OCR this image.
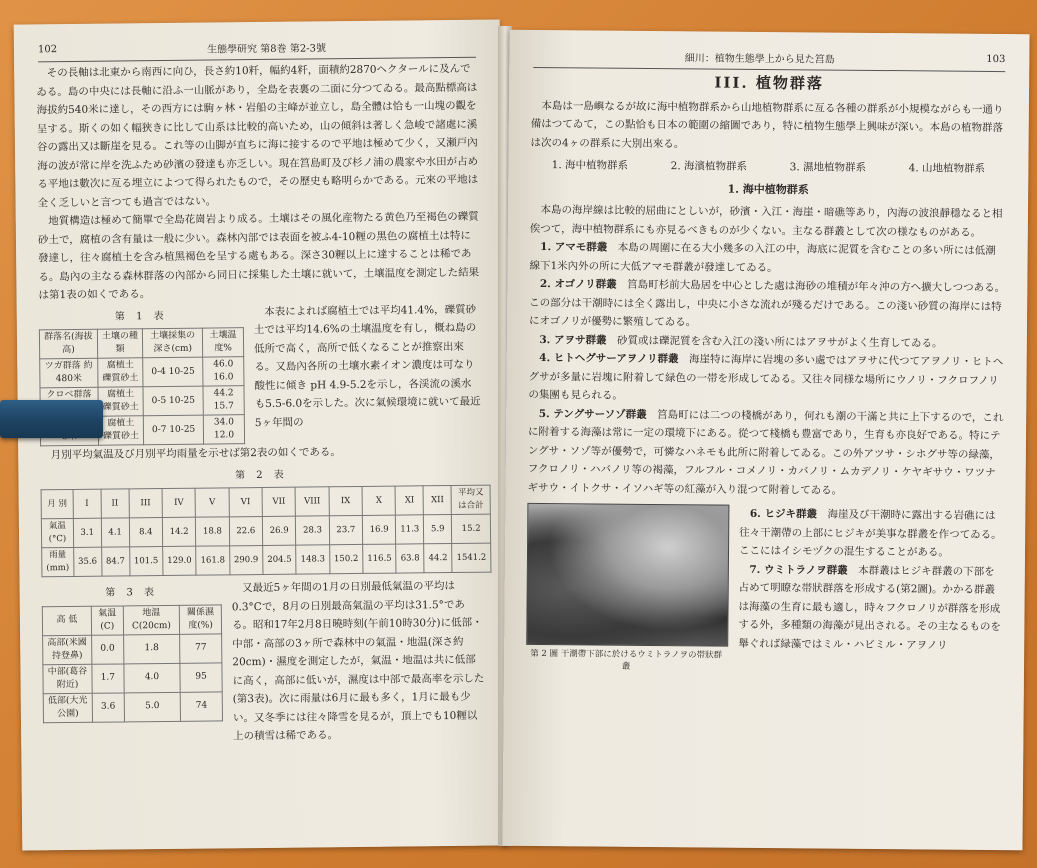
102	生態學研究 第8巻 第2-3號

その長軸は北東から南西に向ひ，長さ約10粁，幅約4粁，面積約2870ヘクタールに及んでゐる。島の中央には長軸に沿ふ一山脈があり，全島を表裏の二面に分つてゐる。最高點標高は海拔約540米に達し，その西方には駒ヶ林・岩船の主峰が並立し，島全體は恰も一山塊の觀を呈する。斯くの如く幅狹きに比して山系は比較的高いため，山の傾斜は著しく急峻で諸處に溪谷の露出又は斷崖を見る。これ等の山脚が直ちに海に接するので平地は極めて少く，又瀬戸內海の波が常に岸を洗ふため砂濱の發達も亦乏しい。現在筥島町及び杉ノ浦の農家や水田が占める平地は數次に亙る埋立によつて得られたもので，その歷史も略明らかである。元來の平地は全く乏しいと言つても過言ではない。

地質構造は極めて簡單で全島花崗岩より成る。土壤はその風化産物たる黄色乃至褐色の礫質砂土で，腐植の含有量は一般に少い。森林內部では表面を被ふ4-10糎の黑色の腐植土は特に發達し，往々腐植土を含み植黑褐色を呈する處もある。深さ30糎以上に達することは稀である。島內の主なる森林群落の內部から同日に採集した土壤に就いて，土壤温度を測定した結果は第1表の如くである。

第 1 表
群落名(海拔高)	土壤の種類	土壤採集の深さ(cm)	土壤温度%
ツガ群落 約480米	腐植土 礫質砂土	0-4 10-25	46.0 16.0
クロベ群落	腐植土 礫質砂土	0-5 10-25	44.2 15.7
	腐植土 礫質砂土	0-7 10-25	34.0 12.0

本表によれば腐植土では平均41.4%，礫質砂土では平均14.6%の土壤温度を有し，概ね島の低所で高く，高所で低くなることが推察出來る。又島內各所の土壤水素イオン濃度は可なり酸性に傾き pH 4.9-5.2を示し，各渓流の溪水も5.5-6.0を示した。次に氣候環境に就いて最近5ヶ年間の

月別平均氣温及び月別平均雨量を示せば第2表の如くである。

第 2 表
月 別	I	II	III	IV	V	VI	VII	VIII	IX	X	XI	XII	平均又は合計
氣温(°C)	3.1	4.1	8.4	14.2	18.8	22.6	26.9	28.3	23.7	16.9	11.3	5.9	15.2
雨量(mm)	35.6	84.7	101.5	129.0	161.8	290.9	204.5	148.3	150.2	116.5	63.8	44.2	1541.2
第 3 表
高 低	氣温(C)	地温C(20cm)	關係濕度(%)
高部(米國持登鼻)	0.0	1.8	77
中部(葛谷附近)	1.7	4.0	95
低部(大光公園)	3.6	5.0	74

又最近5ヶ年間の1月の日別最低氣温の平均は0.3°Cで，8月の日別最高氣温の平均は31.5°である。昭和17年2月8日曉時刻(午前10時30分)に低部・中部・高部の3ヶ所で森林中の氣温・地温(深さ約20cm)・濕度を測定したが，氣温・地温は共に低部に高く，高部に低いが，濕度は中部で最高率を示した(第3表)。次に雨量は6月に最も多く，1月に最も少い。又冬季には往々降雪を見るが，頂上でも10糎以上の積雪は稀である。

細川：植物生態學上から見た筥島	103
III. 植物群落

本島は一島嶼なるが故に海中植物群系から山地植物群系に亙る各種の群系が小規模ながらも一通り備はつてゐて，この點恰も日本の範圍の縮圖であり，特に植物生態學上興味が深い。本島の植物群落は次の4ヶの群系に大別出來る。

1. 海中植物群系	2. 海濱植物群系	3. 濕地植物群系	4. 山地植物群系
1. 海中植物群系

本島の海岸線は比較的屈曲にとしいが，砂濱・入江・海崖・暗礁等あり，內海の波浪靜穩なると相俟つて，海中植物群系にも亦見るべきものが少くない。主なる群叢として次の様なものがある。

1. アマモ群叢　 本島の周圍に在る大小幾多の入江の中，海底に泥質を含むことの多い所には低潮線下1米內外の所に大低アマモ群叢が發達してゐる。

2. オゴノリ群叢　 筥島町杉前大島居を中心とした處は海砂の堆積が年々沖の方へ擴大しつつある。この部分は干潮時には全く露出し，中央に小さな流れが殘るだけである。この淺い砂質の海岸には特にオゴノリが優勢に繁殖してゐる。

3. アヲサ群叢　 砂質或は礫泥質を含む入江の淺い所にはアヲサがよく生育してゐる。

4. ヒトヘグサーアヲノリ群叢　 海崖特に海岸に岩塊の多い處ではアヲサに代つてアヲノリ・ヒトヘグサが多量に岩塊に附着して緑色の一帯を形成してゐる。又往々同様な場所にウノリ・フクロフノリの集團も見られる。

5. テングサーソゾ群叢　 筥島町には二つの棧橋があり，何れも潮の干滿と共に上下するので，これに附着する海藻は常に一定の環境下にある。從つて棧橋も豊富であり，生育も亦良好である。特にテングサ・ソゾ等が優勢で，可憐なハネモも此所に附着してゐる。この外アツサ・シホグサ等の緑藻，フクロノリ・ハバノリ等の褐藻，フルフル・コメノリ・カバノリ・ムカデノリ・ケヤギサウ・ワツナギサウ・イトクサ・イソハギ等の紅藻が入り混つて附着してゐる。

第 2 圖 干潮帶下部に於けるウミトラノヲの帯狀群叢

6. ヒジキ群叢　 海崖及び干潮時に露出する岩礁には往々干潮帶の上部にヒジキが美事な群叢を作つてゐる。ここにはイシモヅクの混生することがある。

7. ウミトラノヲ群叢　 本群叢はヒジキ群叢の下部を占めて明瞭な帯狀群落を形成する(第2圖)。かかる群叢は海藻の生育に最も適し，時々フクロノリが群落を形成する外，多種類の海藻が見出される。その主なるものを舉ぐれば緑藻ではミル・ハビミル・アヲノリ
